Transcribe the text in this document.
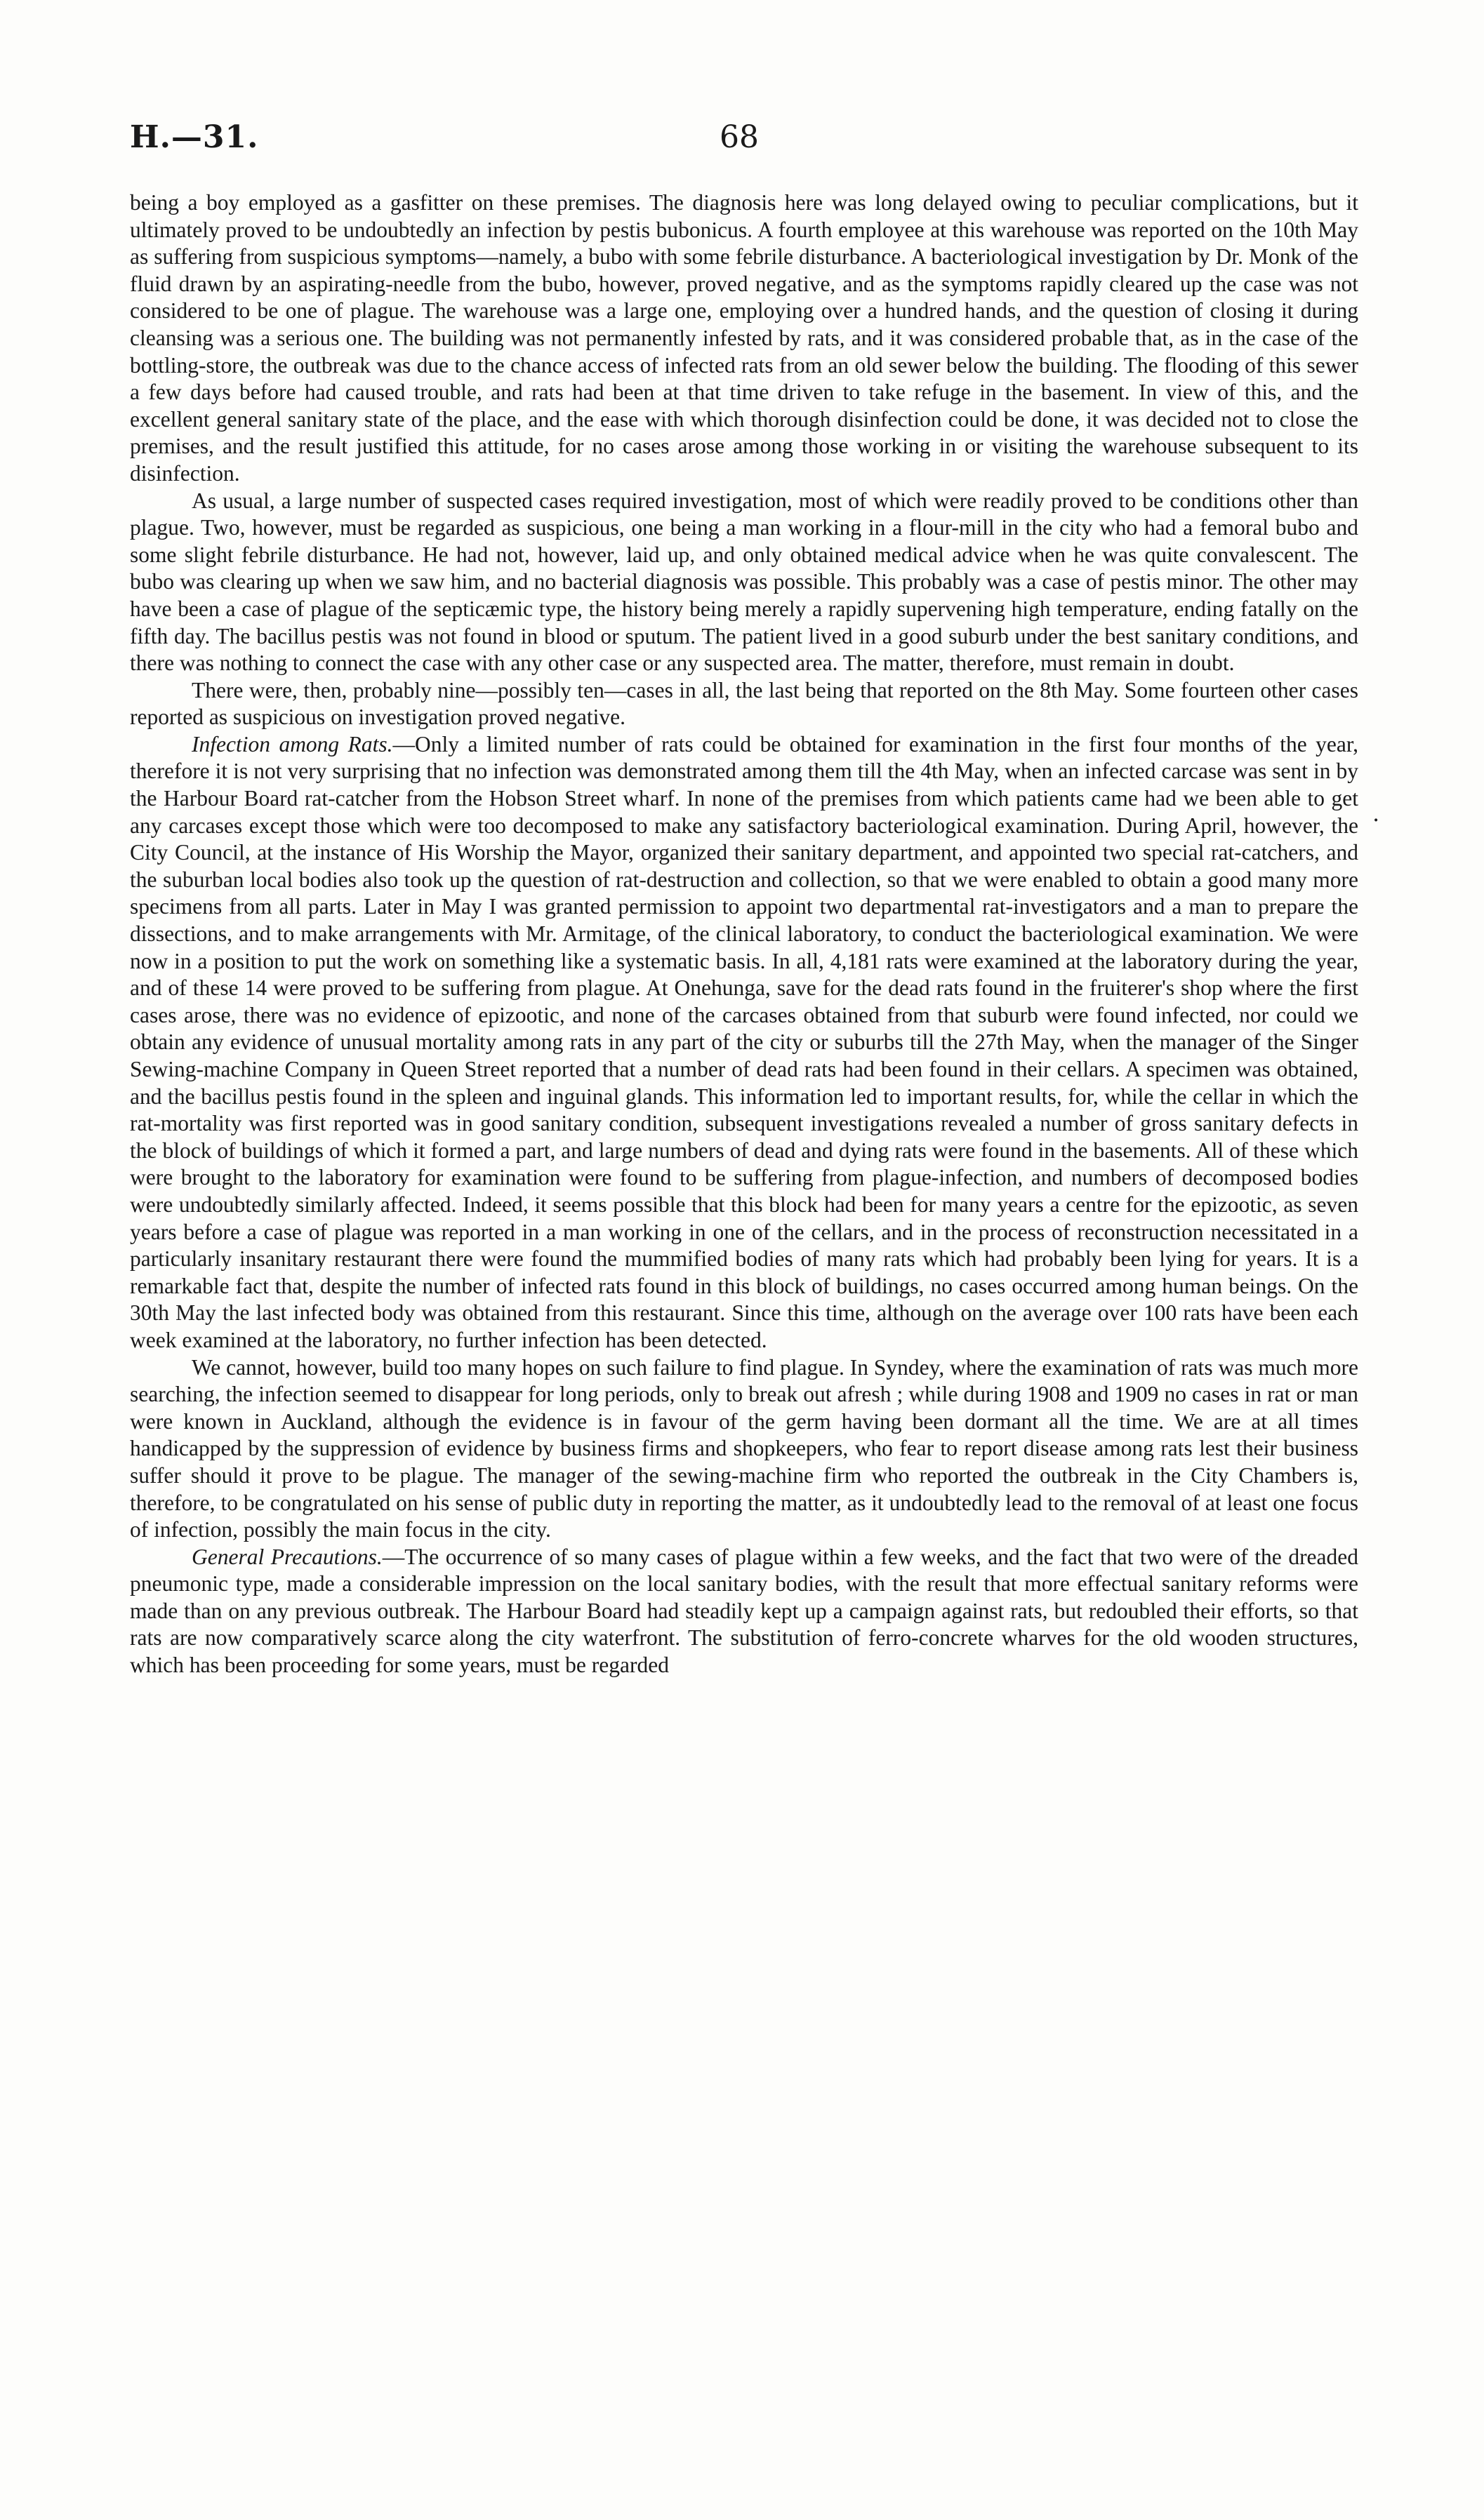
H.—31.	68

being a boy employed as a gasfitter on these premises. The diagnosis here was long delayed owing to peculiar complications, but it ultimately proved to be undoubtedly an infection by pestis bubonicus. A fourth employee at this warehouse was reported on the 10th May as suffering from suspicious symptoms—namely, a bubo with some febrile disturbance. A bacteriological investigation by Dr. Monk of the fluid drawn by an aspirating-needle from the bubo, however, proved negative, and as the symptoms rapidly cleared up the case was not considered to be one of plague. The warehouse was a large one, employing over a hundred hands, and the question of closing it during cleansing was a serious one. The building was not permanently infested by rats, and it was considered probable that, as in the case of the bottling-store, the outbreak was due to the chance access of infected rats from an old sewer below the building. The flooding of this sewer a few days before had caused trouble, and rats had been at that time driven to take refuge in the basement. In view of this, and the excellent general sanitary state of the place, and the ease with which thorough disinfection could be done, it was decided not to close the premises, and the result justified this attitude, for no cases arose among those working in or visiting the warehouse subsequent to its disinfection.

As usual, a large number of suspected cases required investigation, most of which were readily proved to be conditions other than plague. Two, however, must be regarded as suspicious, one being a man working in a flour-mill in the city who had a femoral bubo and some slight febrile disturbance. He had not, however, laid up, and only obtained medical advice when he was quite convalescent. The bubo was clearing up when we saw him, and no bacterial diagnosis was possible. This probably was a case of pestis minor. The other may have been a case of plague of the septicæmic type, the history being merely a rapidly supervening high temperature, ending fatally on the fifth day. The bacillus pestis was not found in blood or sputum. The patient lived in a good suburb under the best sanitary conditions, and there was nothing to connect the case with any other case or any suspected area. The matter, therefore, must remain in doubt.

There were, then, probably nine—possibly ten—cases in all, the last being that reported on the 8th May. Some fourteen other cases reported as suspicious on investigation proved negative.

Infection among Rats.—Only a limited number of rats could be obtained for examination in the first four months of the year, therefore it is not very surprising that no infection was demonstrated among them till the 4th May, when an infected carcase was sent in by the Harbour Board rat-catcher from the Hobson Street wharf. In none of the premises from which patients came had we been able to get any carcases except those which were too decomposed to make any satisfactory bacteriological examination. During April, however, the City Council, at the instance of His Worship the Mayor, organized their sanitary department, and appointed two special rat-catchers, and the suburban local bodies also took up the question of rat-destruction and collection, so that we were enabled to obtain a good many more specimens from all parts. Later in May I was granted permission to appoint two departmental rat-investigators and a man to prepare the dissections, and to make arrangements with Mr. Armitage, of the clinical laboratory, to conduct the bacteriological examination. We were now in a position to put the work on something like a systematic basis. In all, 4,181 rats were examined at the laboratory during the year, and of these 14 were proved to be suffering from plague. At Onehunga, save for the dead rats found in the fruiterer's shop where the first cases arose, there was no evidence of epizootic, and none of the carcases obtained from that suburb were found infected, nor could we obtain any evidence of unusual mortality among rats in any part of the city or suburbs till the 27th May, when the manager of the Singer Sewing-machine Company in Queen Street reported that a number of dead rats had been found in their cellars. A specimen was obtained, and the bacillus pestis found in the spleen and inguinal glands. This information led to important results, for, while the cellar in which the rat-mortality was first reported was in good sanitary condition, subsequent investigations revealed a number of gross sanitary defects in the block of buildings of which it formed a part, and large numbers of dead and dying rats were found in the basements. All of these which were brought to the laboratory for examination were found to be suffering from plague-infection, and numbers of decomposed bodies were undoubtedly similarly affected. Indeed, it seems possible that this block had been for many years a centre for the epizootic, as seven years before a case of plague was reported in a man working in one of the cellars, and in the process of reconstruction necessitated in a particularly insanitary restaurant there were found the mummified bodies of many rats which had probably been lying for years. It is a remarkable fact that, despite the number of infected rats found in this block of buildings, no cases occurred among human beings. On the 30th May the last infected body was obtained from this restaurant. Since this time, although on the average over 100 rats have been each week examined at the laboratory, no further infection has been detected.

We cannot, however, build too many hopes on such failure to find plague. In Syndey, where the examination of rats was much more searching, the infection seemed to disappear for long periods, only to break out afresh ; while during 1908 and 1909 no cases in rat or man were known in Auckland, although the evidence is in favour of the germ having been dormant all the time. We are at all times handicapped by the suppression of evidence by business firms and shopkeepers, who fear to report disease among rats lest their business suffer should it prove to be plague. The manager of the sewing-machine firm who reported the outbreak in the City Chambers is, therefore, to be congratulated on his sense of public duty in reporting the matter, as it undoubtedly lead to the removal of at least one focus of infection, possibly the main focus in the city.

General Precautions.—The occurrence of so many cases of plague within a few weeks, and the fact that two were of the dreaded pneumonic type, made a considerable impression on the local sanitary bodies, with the result that more effectual sanitary reforms were made than on any previous outbreak. The Harbour Board had steadily kept up a campaign against rats, but redoubled their efforts, so that rats are now comparatively scarce along the city waterfront. The substitution of ferro-concrete wharves for the old wooden structures, which has been proceeding for some years, must be regarded

.
